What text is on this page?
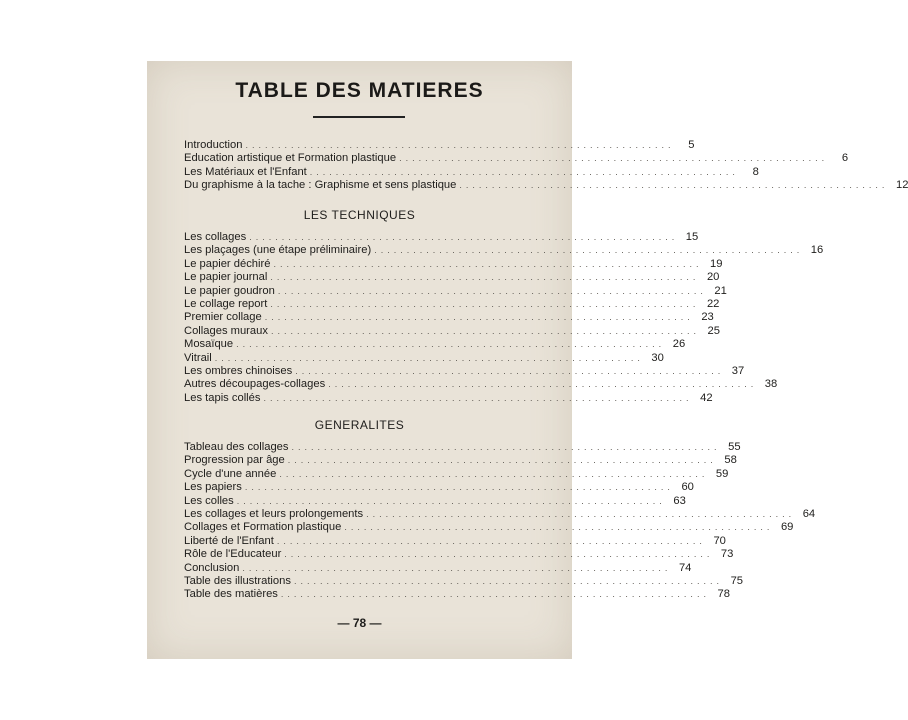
TABLE DES MATIERES
Introduction ..................................................................	5
Education artistique et Formation plastique ..................................................................	6
Les Matériaux et l'Enfant ..................................................................	8
Du graphisme à la tache : Graphisme et sens plastique .................................................................. 12
LES TECHNIQUES
Les collages .................................................................. 15
Les plaçages (une étape préliminaire) .................................................................. 16
Le papier déchiré .................................................................. 19
Le papier journal .................................................................. 20
Le papier goudron .................................................................. 21
Le collage report .................................................................. 22
Premier collage .................................................................. 23
Collages muraux .................................................................. 25
Mosaïque .................................................................. 26
Vitrail .................................................................. 30
Les ombres chinoises .................................................................. 37
Autres découpages-collages .................................................................. 38
Les tapis collés .................................................................. 42
GENERALITES
Tableau des collages .................................................................. 55
Progression par âge .................................................................. 58
Cycle d'une année .................................................................. 59
Les papiers .................................................................. 60
Les colles .................................................................. 63
Les collages et leurs prolongements .................................................................. 64
Collages et Formation plastique .................................................................. 69
Liberté de l'Enfant .................................................................. 70
Rôle de l'Educateur .................................................................. 73
Conclusion .................................................................. 74
Table des illustrations .................................................................. 75
Table des matières .................................................................. 78
— 78 —
